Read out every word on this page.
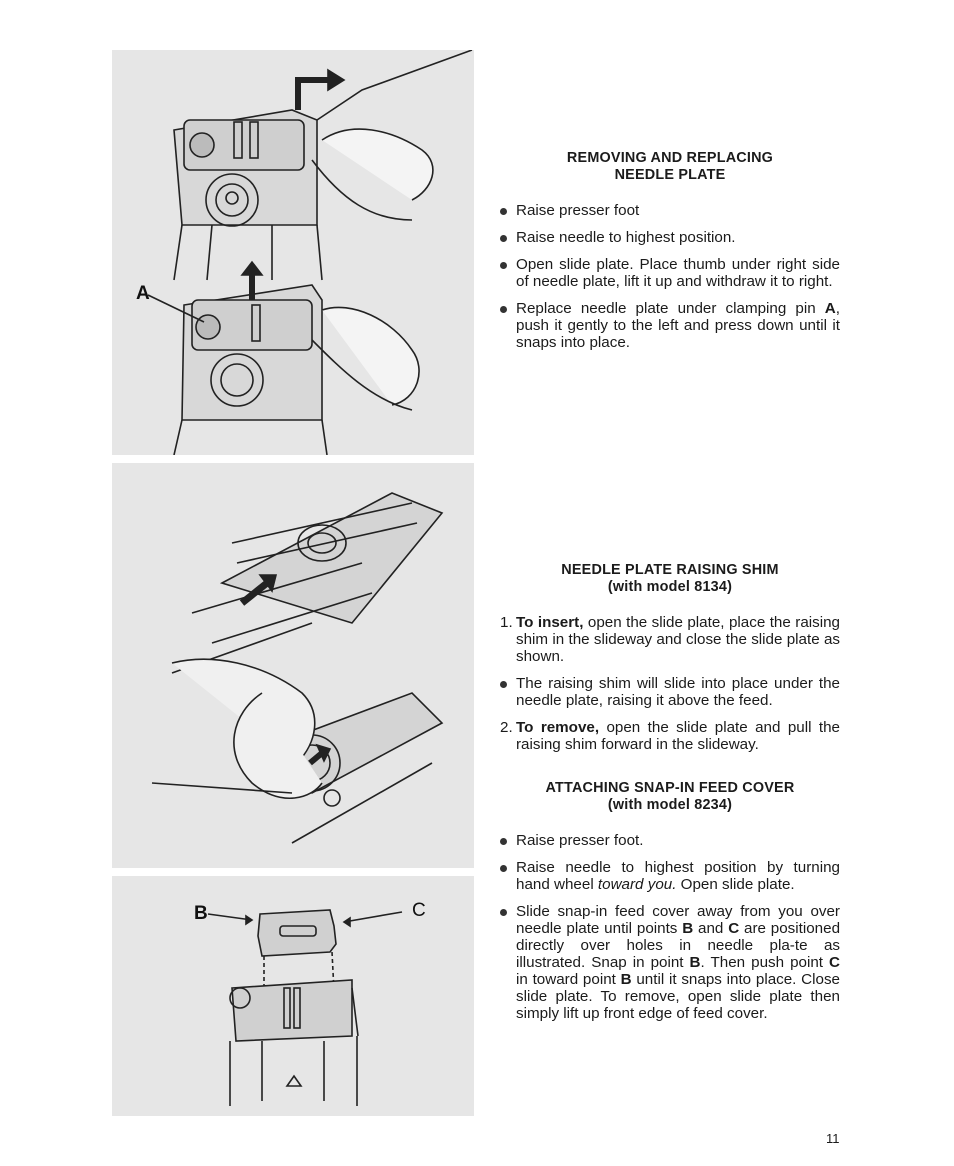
A
B	C
REMOVING AND REPLACING
NEEDLE PLATE

Raise presser foot

Raise needle to highest position.

Open slide plate. Place thumb under right side of needle plate, lift it up and withdraw it to right.

Replace needle plate under clamping pin A, push it gently to the left and press down until it snaps into place.

NEEDLE PLATE RAISING SHIM
(with model 8134)

1. To insert, open the slide plate, place the raising shim in the slideway and close the slide plate as shown.

The raising shim will slide into place under the needle plate, raising it above the feed.

2. To remove, open the slide plate and pull the raising shim forward in the slideway.

ATTACHING SNAP-IN FEED COVER
(with model 8234)

Raise presser foot.

Raise needle to highest position by turning hand wheel toward you. Open slide plate.

Slide snap-in feed cover away from you over needle plate until points B and C are positioned directly over holes in needle pla-te as illustrated. Snap in point B. Then push point C in toward point B until it snaps into place. Close slide plate. To remove, open slide plate then simply lift up front edge of feed cover.

11
